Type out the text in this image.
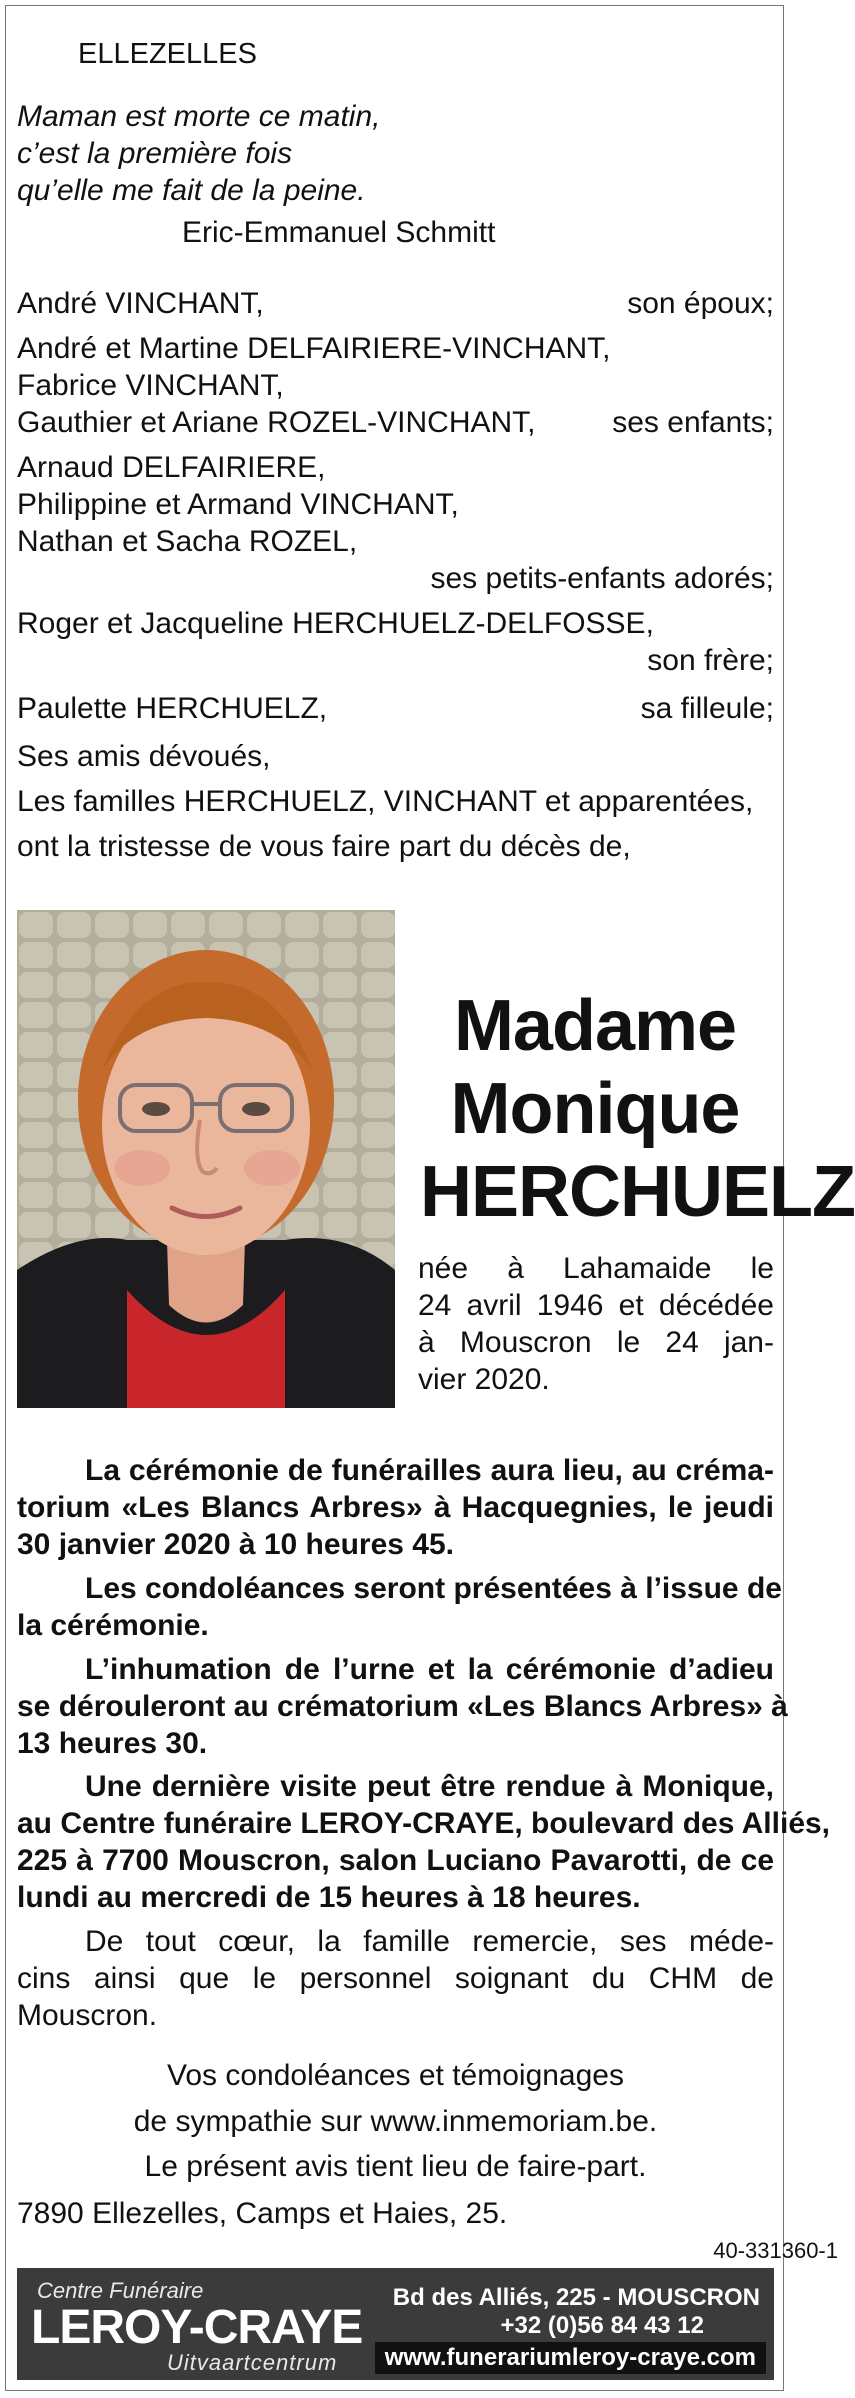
ELLEZELLES
Maman est morte ce matin,
c’est la première fois
qu’elle me fait de la peine.
Eric-Emmanuel Schmitt
André VINCHANT,	son époux;
André et Martine DELFAIRIERE-VINCHANT,
Fabrice VINCHANT,
Gauthier et Ariane ROZEL-VINCHANT,	ses enfants;
Arnaud DELFAIRIERE,
Philippine et Armand VINCHANT,
Nathan et Sacha ROZEL,
ses petits-enfants adorés;
Roger et Jacqueline HERCHUELZ-DELFOSSE,
son frère;
Paulette HERCHUELZ,	sa filleule;
Ses amis dévoués,
Les familles HERCHUELZ, VINCHANT et apparentées,
ont la tristesse de vous faire part du décès de,
Madame
Monique
HERCHUELZ
née à Lahamaide le
24 avril 1946 et décédée
à Mouscron le 24 jan-
vier 2020.
La cérémonie de funérailles aura lieu, au créma-
torium «Les Blancs Arbres» à Hacquegnies, le jeudi
30 janvier 2020 à 10 heures 45.
Les condoléances seront présentées à l’issue de
la cérémonie.
L’inhumation de l’urne et la cérémonie d’adieu
se dérouleront au crématorium «Les Blancs Arbres» à
13 heures 30.
Une dernière visite peut être rendue à Monique,
au Centre funéraire LEROY-CRAYE, boulevard des Alliés,
225 à 7700 Mouscron, salon Luciano Pavarotti, de ce
lundi au mercredi de 15 heures à 18 heures.
De tout cœur, la famille remercie, ses méde-
cins ainsi que le personnel soignant du CHM de
Mouscron.
Vos condoléances et témoignages
de sympathie sur www.inmemoriam.be.
Le présent avis tient lieu de faire-part.
7890 Ellezelles, Camps et Haies, 25.
40-331360-1
Centre Funéraire
LEROY-CRAYE
Uitvaartcentrum
Bd des Alliés, 225 - MOUSCRON
+32 (0)56 84 43 12
www.funerariumleroy-craye.com
